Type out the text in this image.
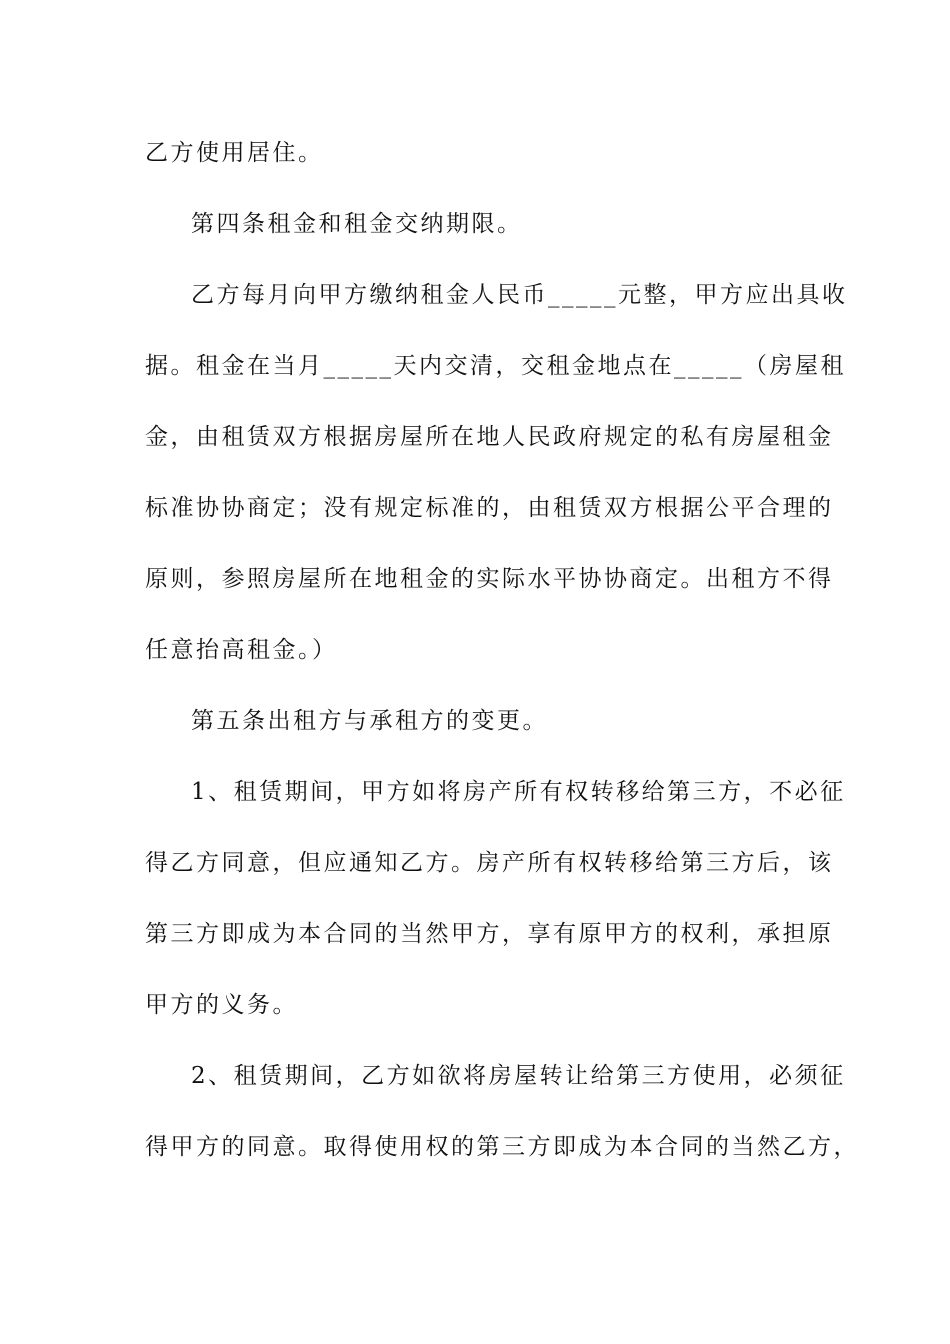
乙方使用居住。
第四条租金和租金交纳期限。
乙方每月向甲方缴纳租金人民币_____元整，甲方应出具收
据。租金在当月_____天内交清，交租金地点在_____（房屋租
金，由租赁双方根据房屋所在地人民政府规定的私有房屋租金
标准协协商定；没有规定标准的，由租赁双方根据公平合理的
原则，参照房屋所在地租金的实际水平协协商定。出租方不得
任意抬高租金。）
第五条出租方与承租方的变更。
1、租赁期间，甲方如将房产所有权转移给第三方，不必征
得乙方同意，但应通知乙方。房产所有权转移给第三方后，该
第三方即成为本合同的当然甲方，享有原甲方的权利，承担原
甲方的义务。
2、租赁期间，乙方如欲将房屋转让给第三方使用，必须征
得甲方的同意。取得使用权的第三方即成为本合同的当然乙方，
